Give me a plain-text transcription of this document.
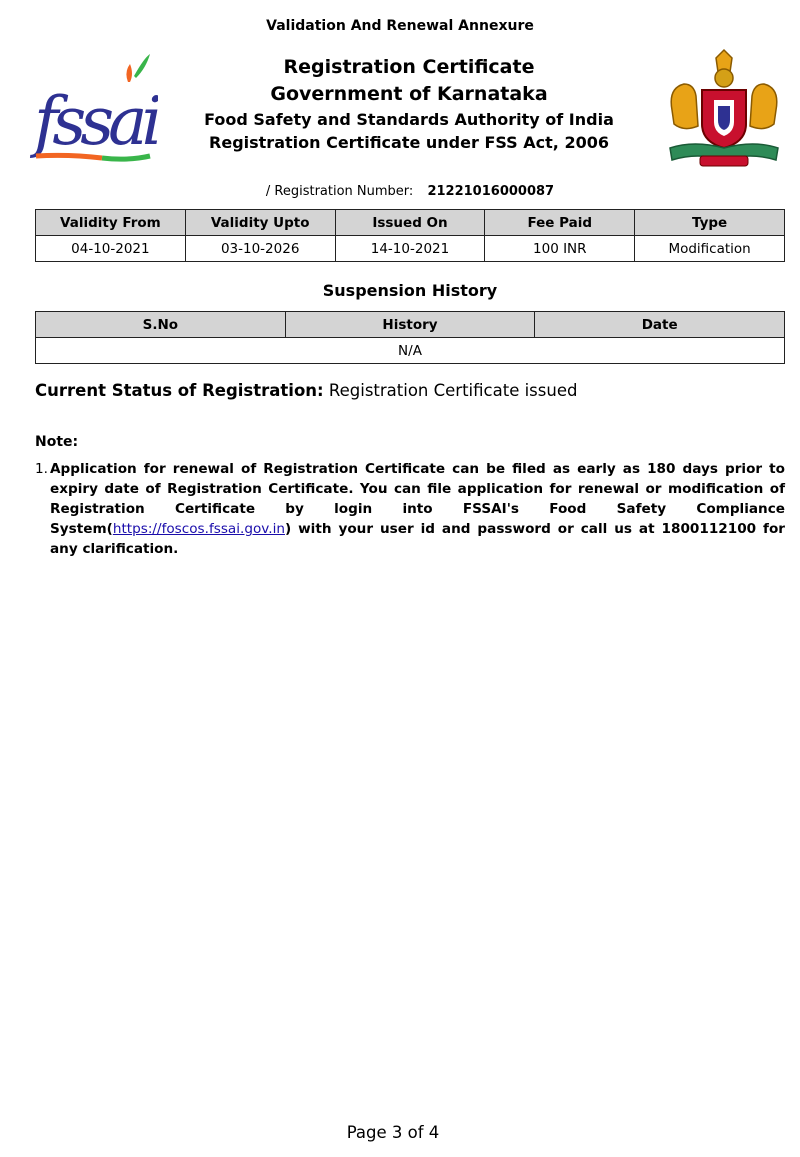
Validation And Renewal Annexure
fssai
Registration Certificate
Government of Karnataka
Food Safety and Standards Authority of India
Registration Certificate under FSS Act, 2006
/ Registration Number: 21221016000087
Validity From	Validity Upto	Issued On	Fee Paid	Type
04-10-2021	03-10-2026	14-10-2021	100 INR	Modification
Suspension History
S.No	History	Date
N/A
Current Status of Registration: Registration Certificate issued
Note:
1. Application for renewal of Registration Certificate can be filed as early as 180 days prior to expiry date of Registration Certificate. You can file application for renewal or modification of Registration Certificate by login into FSSAI's Food Safety Compliance System(https://foscos.fssai.gov.in) with your user id and password or call us at 1800112100 for any clarification.
Page 3 of 4
